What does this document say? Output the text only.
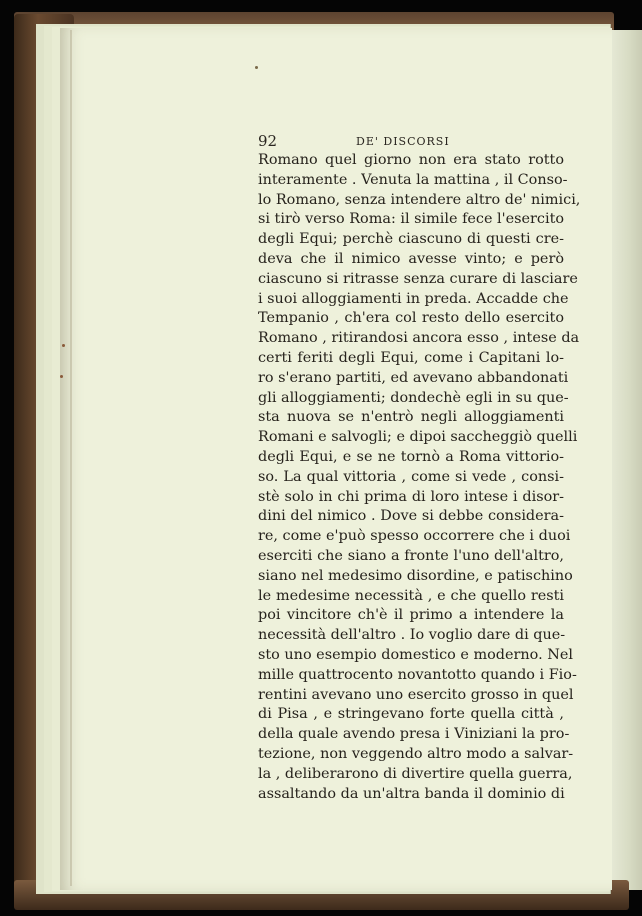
92	DE' DISCORSI
Romano quel giorno non era stato rotto
interamente . Venuta la mattina , il Conso-
lo Romano, senza intendere altro de' nimici,
si tirò verso Roma: il simile fece l'esercito
degli Equi; perchè ciascuno di questi cre-
deva che il nimico avesse vinto; e però
ciascuno si ritrasse senza curare di lasciare
i suoi alloggiamenti in preda. Accadde che
Tempanio , ch'era col resto dello esercito
Romano , ritirandosi ancora esso , intese da
certi feriti degli Equi, come i Capitani lo-
ro s'erano partiti, ed avevano abbandonati
gli alloggiamenti; dondechè egli in su que-
sta nuova se n'entrò negli alloggiamenti
Romani e salvogli; e dipoi saccheggiò quelli
degli Equi, e se ne tornò a Roma vittorio-
so. La qual vittoria , come si vede , consi-
stè solo in chi prima di loro intese i disor-
dini del nimico . Dove si debbe considera-
re, come e'può spesso occorrere che i duoi
eserciti che siano a fronte l'uno dell'altro,
siano nel medesimo disordine, e patischino
le medesime necessità , e che quello resti
poi vincitore ch'è il primo a intendere la
necessità dell'altro . Io voglio dare di que-
sto uno esempio domestico e moderno. Nel
mille quattrocento novantotto quando i Fio-
rentini avevano uno esercito grosso in quel
di Pisa , e stringevano forte quella città ,
della quale avendo presa i Viniziani la pro-
tezione, non veggendo altro modo a salvar-
la , deliberarono di divertire quella guerra,
assaltando da un'altra banda il dominio di
